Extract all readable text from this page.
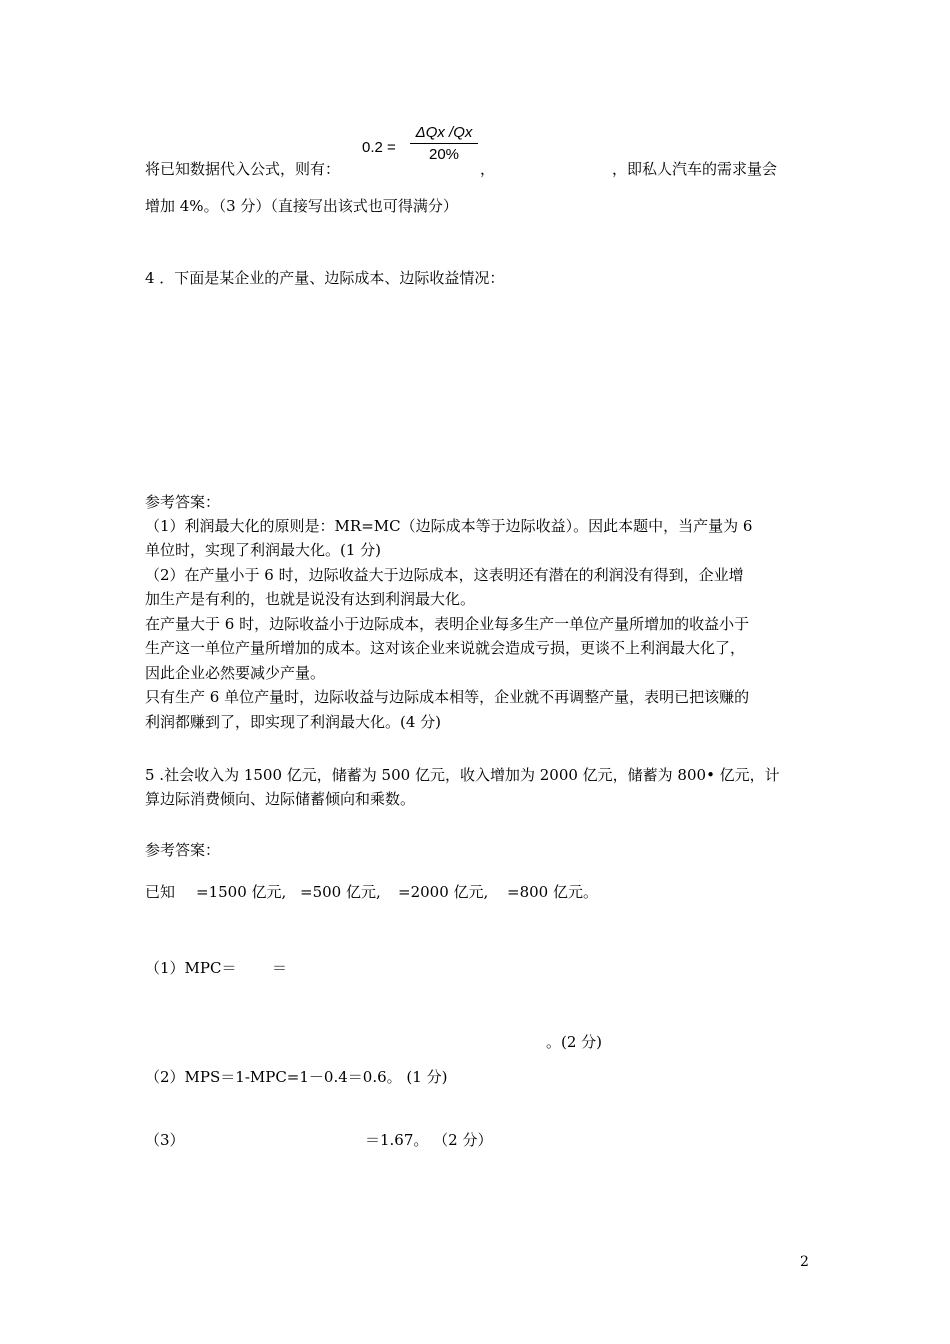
0.2 =
ΔQx /Qx
20%
将已知数据代入公式，则有：	，	，即私人汽车的需求量会
增加 4%。（3 分）（直接写出该式也可得满分）
4 ．下面是某企业的产量、边际成本、边际收益情况：
参考答案：
（1）利润最大化的原则是：MR=MC（边际成本等于边际收益）。因此本题中，当产量为 6
单位时，实现了利润最大化。(1 分)
（2）在产量小于 6 时，边际收益大于边际成本，这表明还有潜在的利润没有得到，企业增
加生产是有利的，也就是说没有达到利润最大化。
在产量大于 6 时，边际收益小于边际成本，表明企业每多生产一单位产量所增加的收益小于
生产这一单位产量所增加的成本。这对该企业来说就会造成亏损，更谈不上利润最大化了，
因此企业必然要减少产量。
只有生产 6 单位产量时，边际收益与边际成本相等，企业就不再调整产量，表明已把该赚的
利润都赚到了，即实现了利润最大化。(4 分)
5 .社会收入为 1500 亿元，储蓄为 500 亿元，收入增加为 2000 亿元，储蓄为 800• 亿元，计
算边际消费倾向、边际储蓄倾向和乘数。
参考答案：
已知 =1500 亿元, =500 亿元, =2000 亿元, =800 亿元。
（1）MPC＝ ＝
。(2 分)
（2）MPS＝1-MPC=1－0.4＝0.6。 (1 分)
（3）	＝1.67。 （2 分）
2
